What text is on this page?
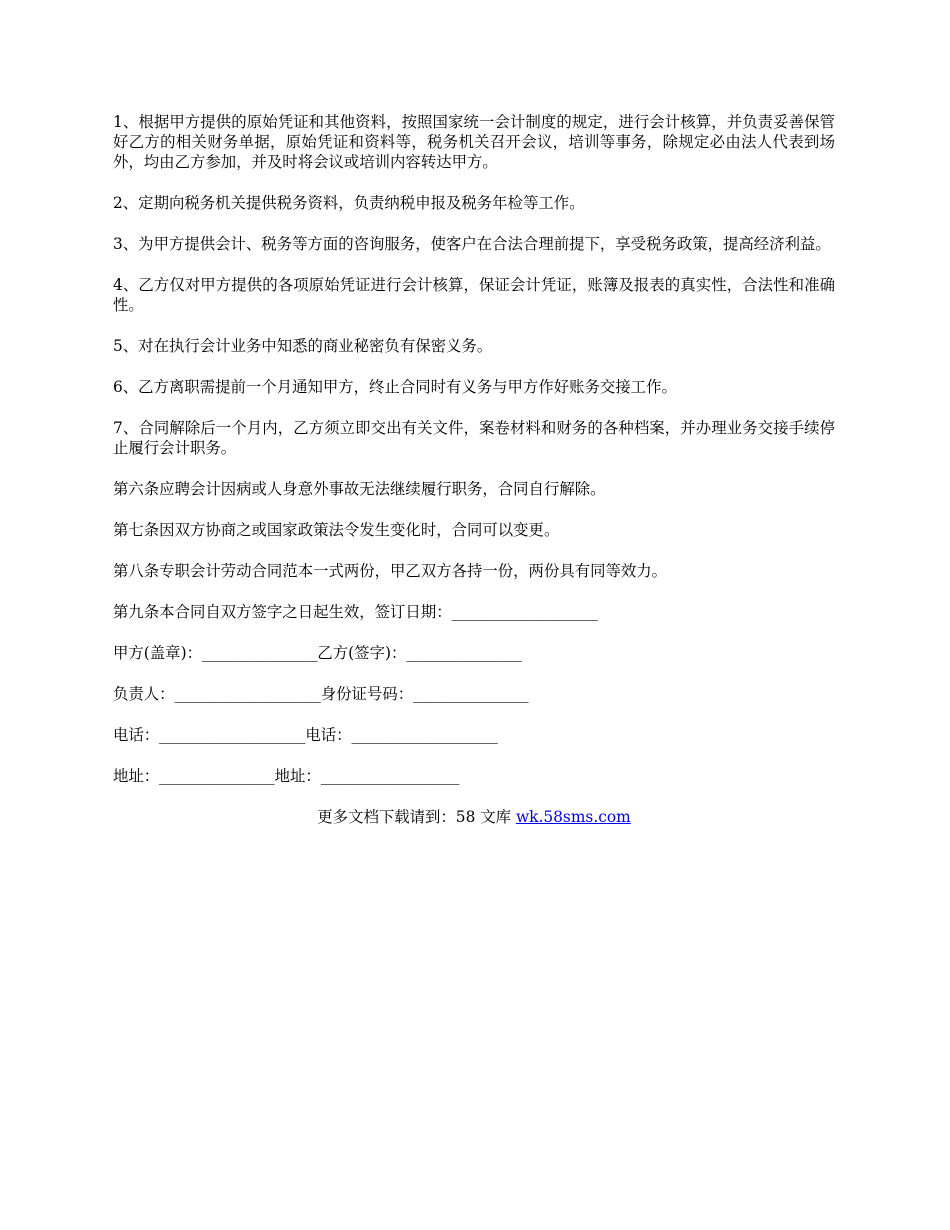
1、根据甲方提供的原始凭证和其他资料，按照国家统一会计制度的规定，进行会计核算，并负责妥善保管好乙方的相关财务单据，原始凭证和资料等，税务机关召开会议，培训等事务，除规定必由法人代表到场外，均由乙方参加，并及时将会议或培训内容转达甲方。

2、定期向税务机关提供税务资料，负责纳税申报及税务年检等工作。

3、为甲方提供会计、税务等方面的咨询服务，使客户在合法合理前提下，享受税务政策，提高经济利益。

4、乙方仅对甲方提供的各项原始凭证进行会计核算，保证会计凭证，账簿及报表的真实性，合法性和准确性。

5、对在执行会计业务中知悉的商业秘密负有保密义务。

6、乙方离职需提前一个月通知甲方，终止合同时有义务与甲方作好账务交接工作。

7、合同解除后一个月内，乙方须立即交出有关文件，案卷材料和财务的各种档案，并办理业务交接手续停止履行会计职务。

第六条应聘会计因病或人身意外事故无法继续履行职务，合同自行解除。

第七条因双方协商之或国家政策法令发生变化时，合同可以变更。

第八条专职会计劳动合同范本一式两份，甲乙双方各持一份，两份具有同等效力。

第九条本合同自双方签字之日起生效，签订日期：___________________

甲方(盖章)：_______________乙方(签字)：_______________

负责人：___________________身份证号码：_______________

电话：___________________电话：___________________

地址：_______________地址：__________________

更多文档下载请到：58 文库 wk.58sms.com
